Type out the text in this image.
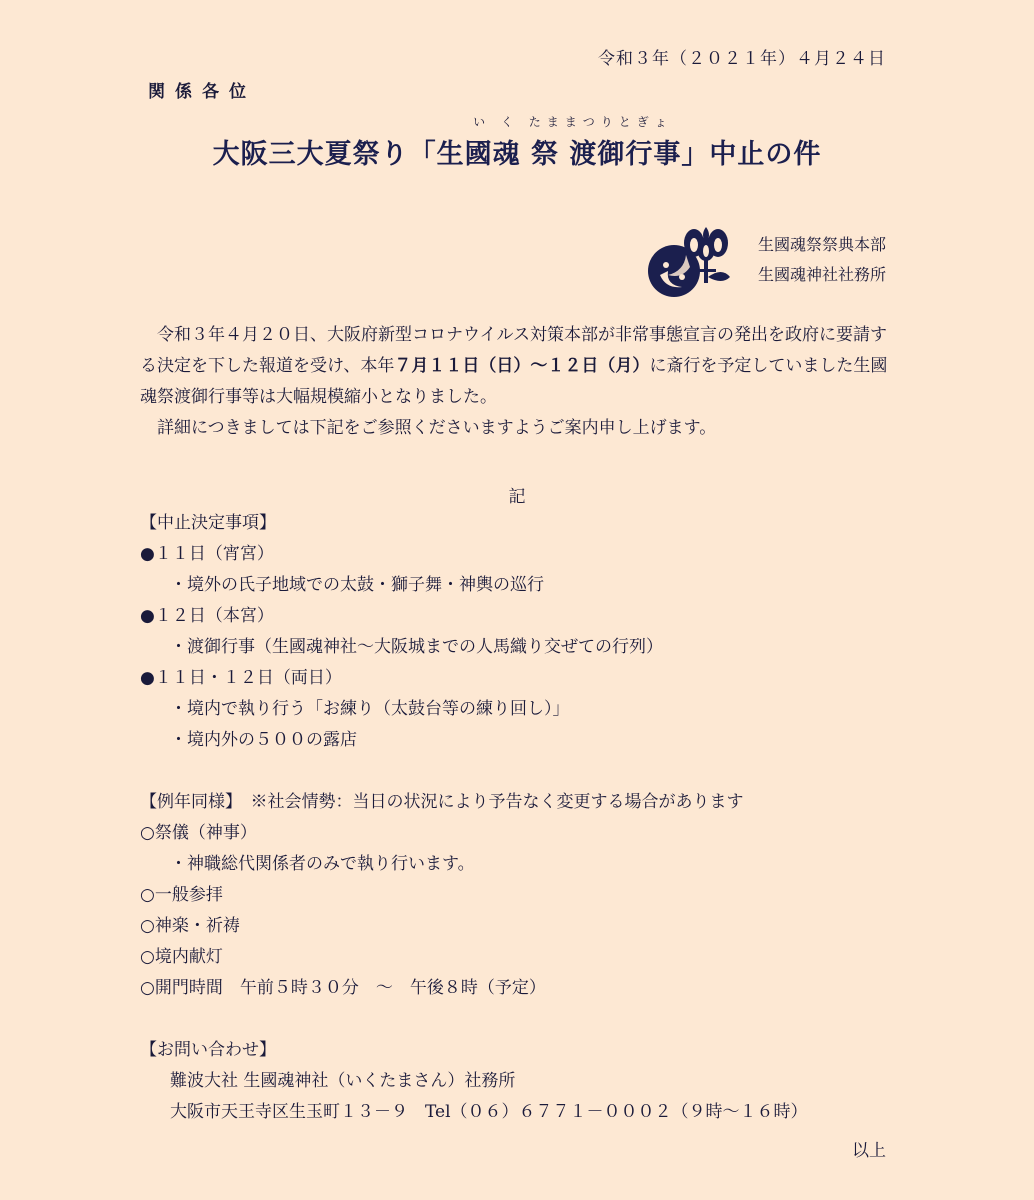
令和３年（２０２１年）４月２４日
関係各位
い く たままつりとぎょ
大阪三大夏祭り「生國魂 祭 渡御行事」中止の件
生國魂祭祭典本部
生國魂神社社務所

令和３年４月２０日、大阪府新型コロナウイルス対策本部が非常事態宣言の発出を政府に要請する決定を下した報道を受け、本年７月１１日（日）～１２日（月）に斎行を予定していました生國魂祭渡御行事等は大幅規模縮小となりました。

詳細につきましては下記をご参照くださいますようご案内申し上げます。

記
【中止決定事項】
●１１日（宵宮）
・境外の氏子地域での太鼓・獅子舞・神輿の巡行
●１２日（本宮）
・渡御行事（生國魂神社～大阪城までの人馬織り交ぜての行列）
●１１日・１２日（両日）
・境内で執り行う「お練り（太鼓台等の練り回し）」
・境内外の５００の露店
【例年同様】　※社会情勢：当日の状況により予告なく変更する場合があります
○祭儀（神事）
・神職総代関係者のみで執り行います。
○一般参拝
○神楽・祈祷
○境内献灯
○開門時間　午前５時３０分　～　午後８時（予定）
【お問い合わせ】
難波大社 生國魂神社（いくたまさん）社務所
大阪市天王寺区生玉町１３－９　Tel（０６）６７７１－０００２（９時～１６時）
以上
